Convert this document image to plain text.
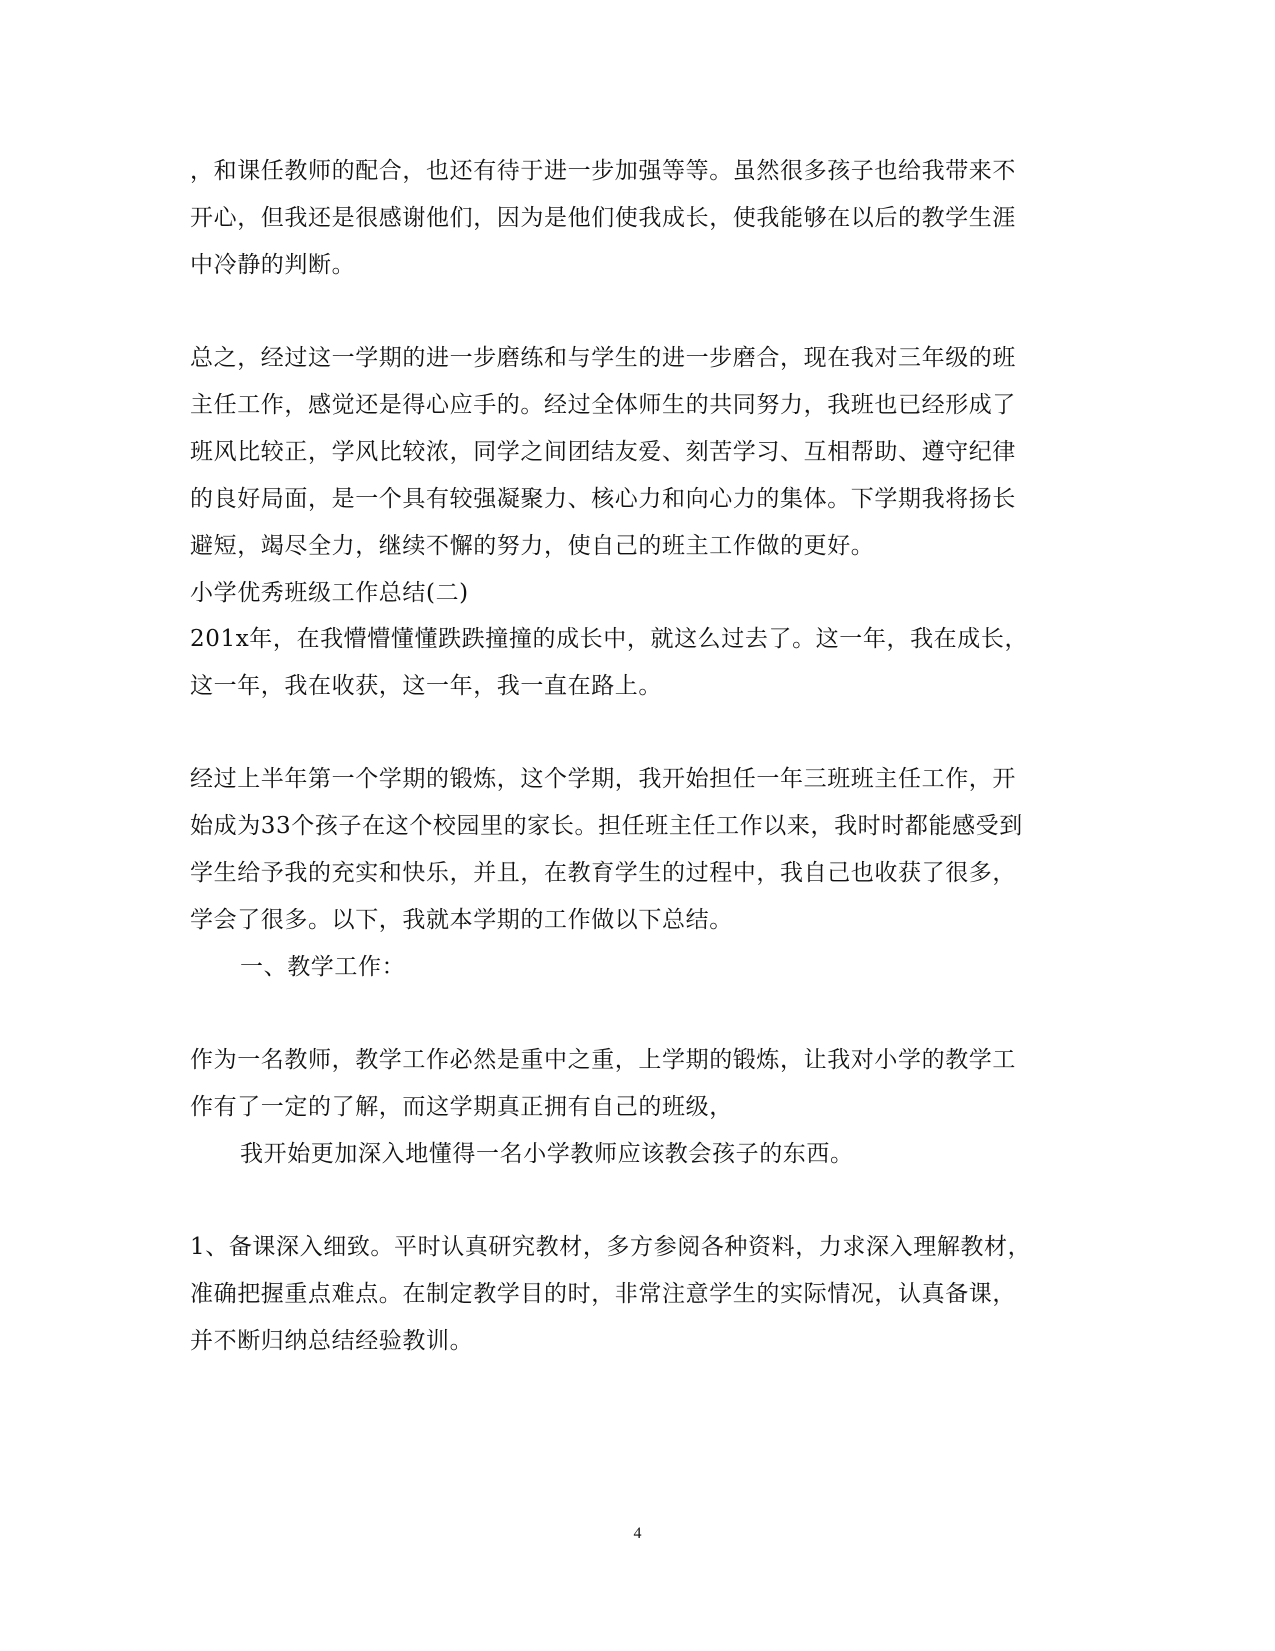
，和课任教师的配合，也还有待于进一步加强等等。虽然很多孩子也给我带来不
开心，但我还是很感谢他们，因为是他们使我成长，使我能够在以后的教学生涯
中冷静的判断。
总之，经过这一学期的进一步磨练和与学生的进一步磨合，现在我对三年级的班
主任工作，感觉还是得心应手的。经过全体师生的共同努力，我班也已经形成了
班风比较正，学风比较浓，同学之间团结友爱、刻苦学习、互相帮助、遵守纪律
的良好局面，是一个具有较强凝聚力、核心力和向心力的集体。下学期我将扬长
避短，竭尽全力，继续不懈的努力，使自己的班主工作做的更好。
小学优秀班级工作总结(二)
201x年，在我懵懵懂懂跌跌撞撞的成长中，就这么过去了。这一年，我在成长，
这一年，我在收获，这一年，我一直在路上。
经过上半年第一个学期的锻炼，这个学期，我开始担任一年三班班主任工作，开
始成为33个孩子在这个校园里的家长。担任班主任工作以来，我时时都能感受到
学生给予我的充实和快乐，并且，在教育学生的过程中，我自己也收获了很多，
学会了很多。以下，我就本学期的工作做以下总结。
一、教学工作：
作为一名教师，教学工作必然是重中之重，上学期的锻炼，让我对小学的教学工
作有了一定的了解，而这学期真正拥有自己的班级，
我开始更加深入地懂得一名小学教师应该教会孩子的东西。
1、备课深入细致。平时认真研究教材，多方参阅各种资料，力求深入理解教材，
准确把握重点难点。在制定教学目的时，非常注意学生的实际情况，认真备课，
并不断归纳总结经验教训。
4
